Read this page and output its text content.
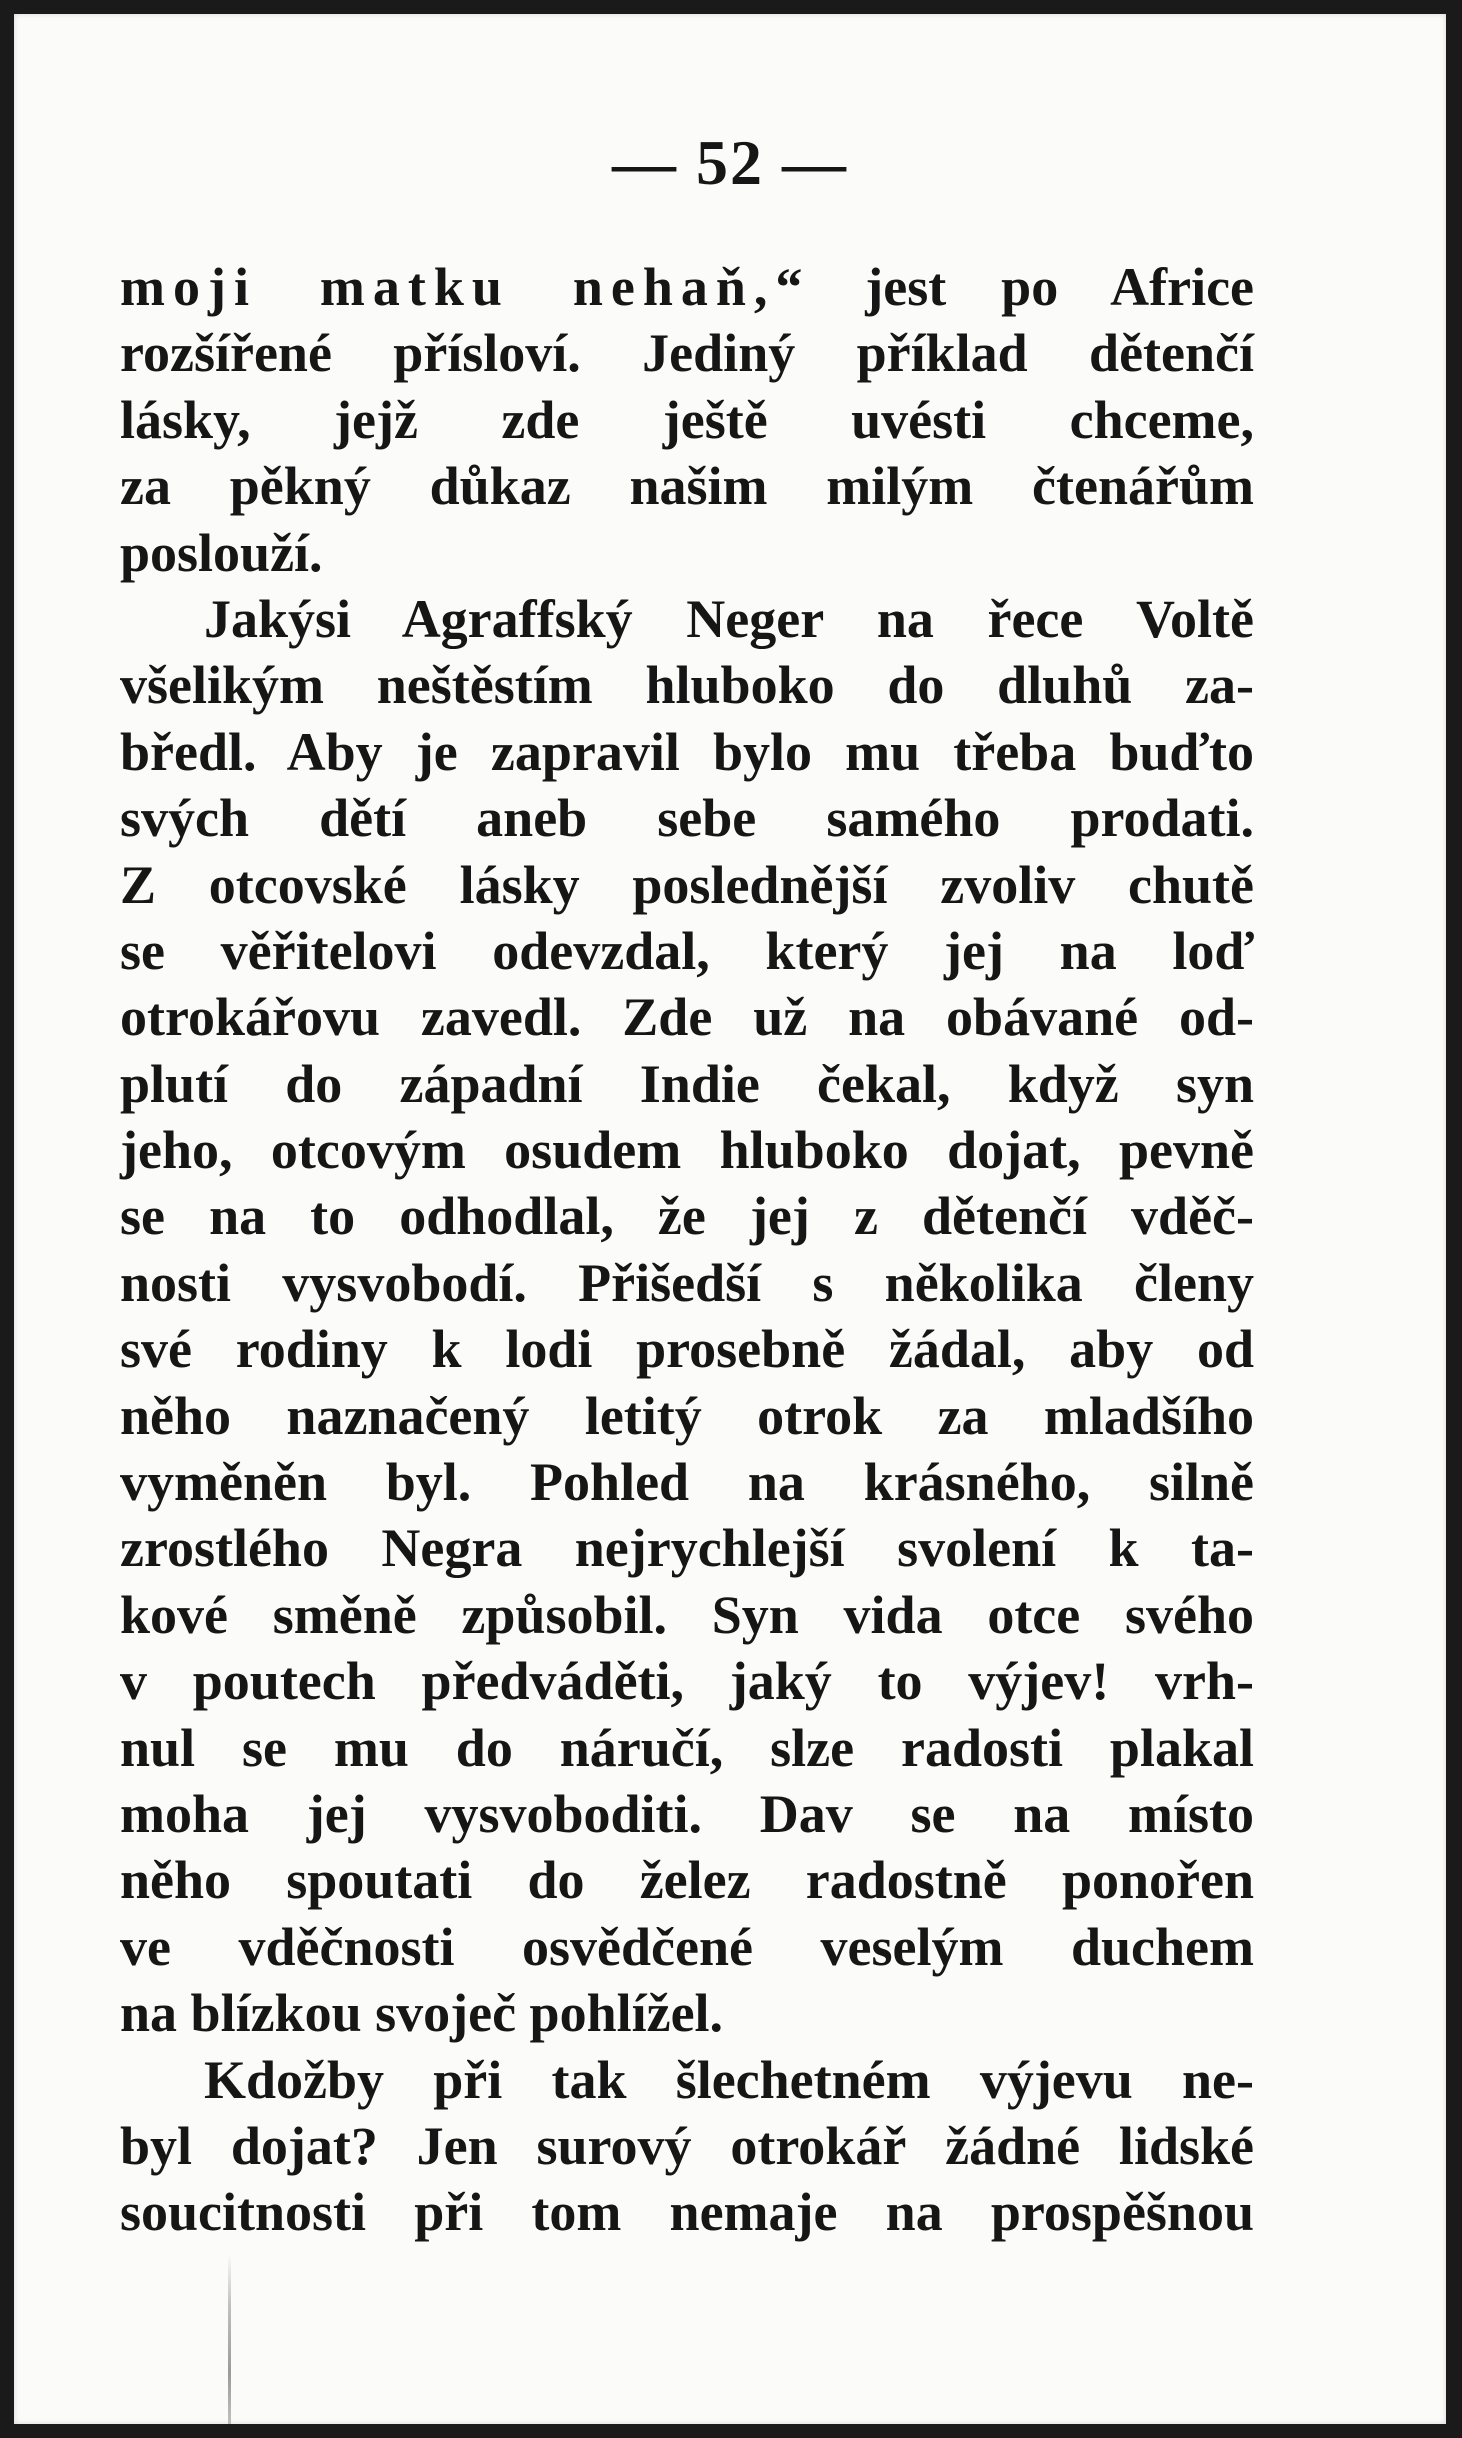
— 52 —
moji matku nehaň,“ jest po Africe
rozšířené přísloví. Jediný příklad dětenčí
lásky, jejž zde ještě uvésti chceme,
za pěkný důkaz našim milým čtenářům
poslouží.
Jakýsi Agraffský Neger na řece Voltě
všelikým neštěstím hluboko do dluhů za-
bředl. Aby je zapravil bylo mu třeba buďto
svých dětí aneb sebe samého prodati.
Z otcovské lásky poslednější zvoliv chutě
se věřitelovi odevzdal, který jej na loď
otrokářovu zavedl. Zde už na obávané od-
plutí do západní Indie čekal, když syn
jeho, otcovým osudem hluboko dojat, pevně
se na to odhodlal, že jej z dětenčí vděč-
nosti vysvobodí. Přišedší s několika členy
své rodiny k lodi prosebně žádal, aby od
něho naznačený letitý otrok za mladšího
vyměněn byl. Pohled na krásného, silně
zrostlého Negra nejrychlejší svolení k ta-
kové směně způsobil. Syn vida otce svého
v poutech předváděti, jaký to výjev! vrh-
nul se mu do náručí, slze radosti plakal
moha jej vysvoboditi. Dav se na místo
něho spoutati do želez radostně ponořen
ve vděčnosti osvědčené veselým duchem
na blízkou svoječ pohlížel.
Kdožby při tak šlechetném výjevu ne-
byl dojat? Jen surový otrokář žádné lidské
soucitnosti při tom nemaje na prospěšnou
